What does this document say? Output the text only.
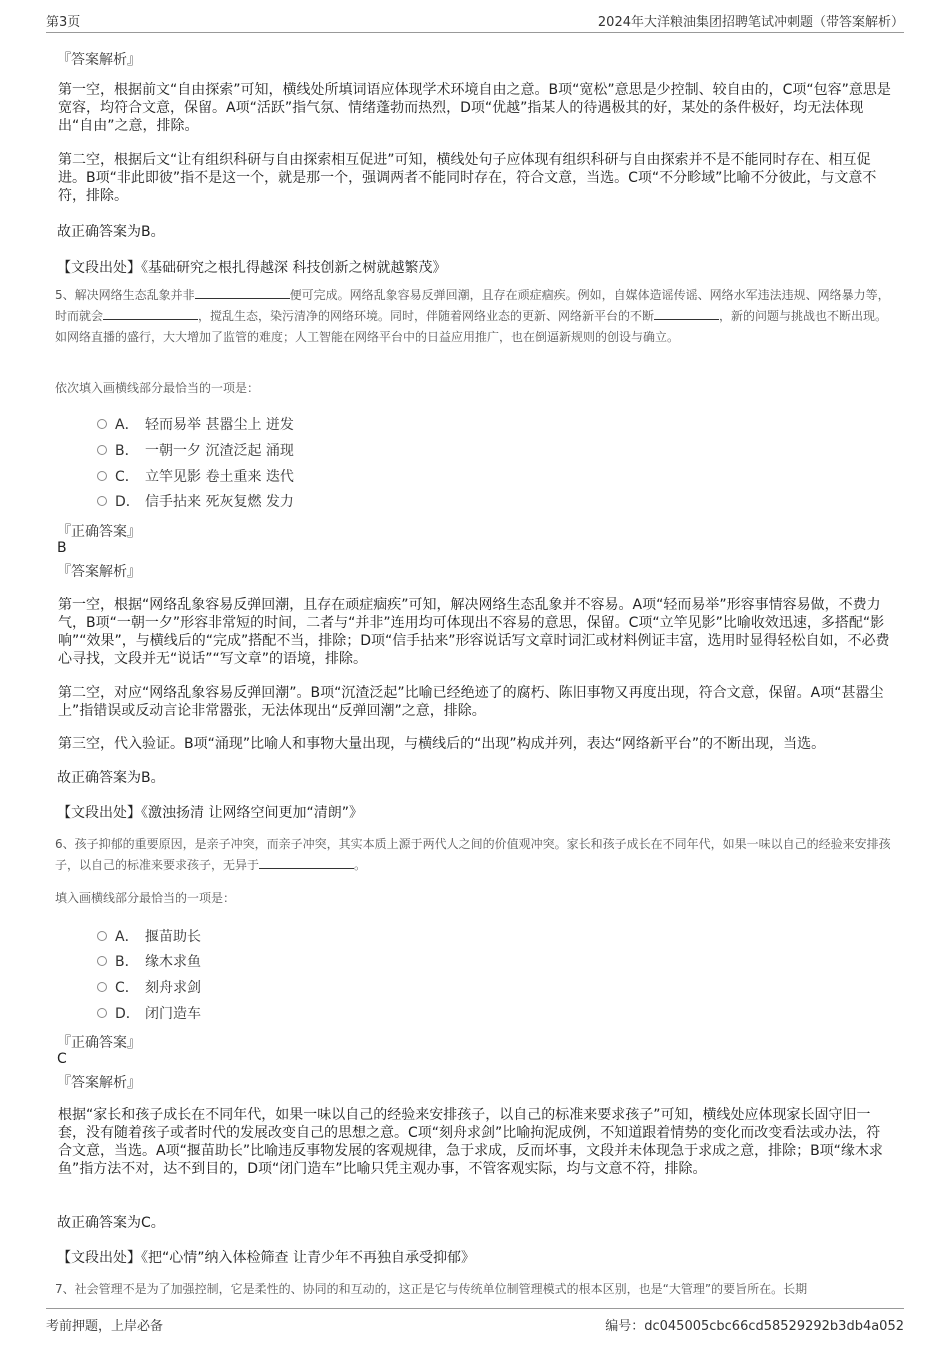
第3页	2024年大洋粮油集团招聘笔试冲刺题（带答案解析）
『答案解析』

第一空，根据前文“自由探索”可知，横线处所填词语应体现学术环境自由之意。B项“宽松”意思是少控制、较自由的，C项“包容”意思是宽容，均符合文意，保留。A项“活跃”指气氛、情绪蓬勃而热烈，D项“优越”指某人的待遇极其的好，某处的条件极好，均无法体现出“自由”之意，排除。

第二空，根据后文“让有组织科研与自由探索相互促进”可知，横线处句子应体现有组织科研与自由探索并不是不能同时存在、相互促进。B项“非此即彼”指不是这一个，就是那一个，强调两者不能同时存在，符合文意，当选。C项“不分畛域”比喻不分彼此，与文意不符，排除。

故正确答案为B。
【文段出处】《基础研究之根扎得越深 科技创新之树就越繁茂》

5、解决网络生态乱象并非	便可完成。网络乱象容易反弹回潮，且存在顽症痼疾。例如，自媒体造谣传谣、网络水军违法违规、网络暴力等，时而就会	，搅乱生态，染污清净的网络环境。同时，伴随着网络业态的更新、网络新平台的不断	，新的问题与挑战也不断出现。如网络直播的盛行，大大增加了监管的难度；人工智能在网络平台中的日益应用推广，也在倒逼新规则的创设与确立。

依次填入画横线部分最恰当的一项是：
A． 轻而易举 甚嚣尘上 迸发
B． 一朝一夕 沉渣泛起 涌现
C． 立竿见影 卷土重来 迭代
D． 信手拈来 死灰复燃 发力
『正确答案』
B
『答案解析』

第一空，根据“网络乱象容易反弹回潮，且存在顽症痼疾”可知，解决网络生态乱象并不容易。A项“轻而易举”形容事情容易做，不费力气，B项“一朝一夕”形容非常短的时间，二者与“并非”连用均可体现出不容易的意思，保留。C项“立竿见影”比喻收效迅速，多搭配“影响”“效果”，与横线后的“完成”搭配不当，排除；D项“信手拈来”形容说话写文章时词汇或材料例证丰富，选用时显得轻松自如，不必费心寻找，文段并无“说话”“写文章”的语境，排除。

第二空，对应“网络乱象容易反弹回潮”。B项“沉渣泛起”比喻已经绝迹了的腐朽、陈旧事物又再度出现，符合文意，保留。A项“甚嚣尘上”指错误或反动言论非常嚣张，无法体现出“反弹回潮”之意，排除。

第三空，代入验证。B项“涌现”比喻人和事物大量出现，与横线后的“出现”构成并列，表达“网络新平台”的不断出现，当选。

故正确答案为B。
【文段出处】《激浊扬清 让网络空间更加“清朗”》

6、孩子抑郁的重要原因，是亲子冲突，而亲子冲突，其实本质上源于两代人之间的价值观冲突。家长和孩子成长在不同年代，如果一味以自己的经验来安排孩子，以自己的标准来要求孩子，无异于	。

填入画横线部分最恰当的一项是：
A． 揠苗助长
B． 缘木求鱼
C． 刻舟求剑
D． 闭门造车
『正确答案』
C
『答案解析』

根据“家长和孩子成长在不同年代，如果一味以自己的经验来安排孩子，以自己的标准来要求孩子”可知，横线处应体现家长固守旧一套，没有随着孩子或者时代的发展改变自己的思想之意。C项“刻舟求剑”比喻拘泥成例，不知道跟着情势的变化而改变看法或办法，符合文意，当选。A项“揠苗助长”比喻违反事物发展的客观规律，急于求成，反而坏事，文段并未体现急于求成之意，排除；B项“缘木求鱼”指方法不对，达不到目的，D项“闭门造车”比喻只凭主观办事，不管客观实际，均与文意不符，排除。

故正确答案为C。
【文段出处】《把“心情”纳入体检筛查 让青少年不再独自承受抑郁》

7、社会管理不是为了加强控制，它是柔性的、协同的和互动的，这正是它与传统单位制管理模式的根本区别，也是“大管理”的要旨所在。长期

考前押题，上岸必备	编号：dc045005cbc66cd58529292b3db4a052
